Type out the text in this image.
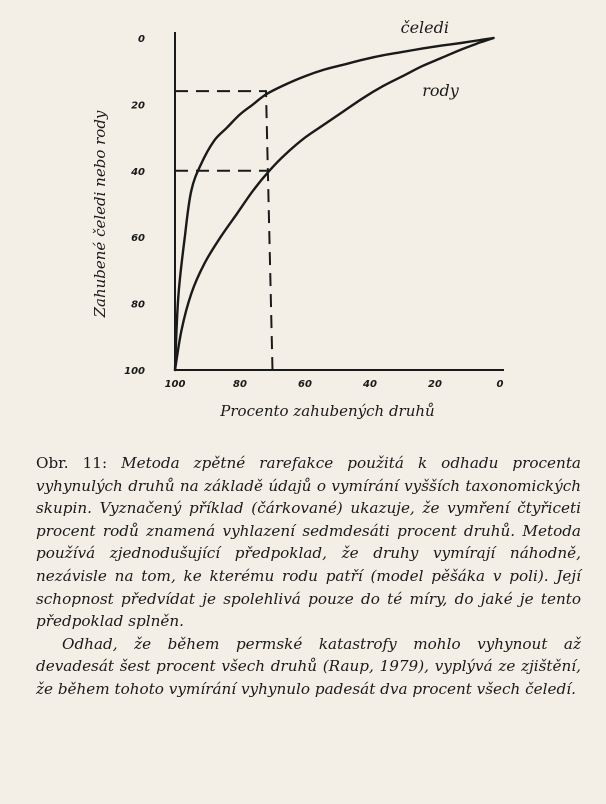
0
20
40
60
80
100
100	80	60	40	20	0
čeledi
rody
Procento zahubených druhů
Zahubené čeledi nebo rody

Obr. 11: Metoda zpětné rarefakce použitá k odhadu procenta vyhynulých druhů na základě údajů o vymírání vyšších taxonomických skupin. Vyznačený příklad (čárkované) ukazuje, že vymření čtyřiceti procent rodů znamená vyhlazení sedmdesáti procent druhů. Metoda používá zjednodušující předpoklad, že druhy vymírají náhodně, nezávisle na tom, ke kterému rodu patří (model pěšáka v poli). Její schopnost předvídat je spolehlivá pouze do té míry, do jaké je tento předpoklad splněn.

Odhad, že během permské katastrofy mohlo vyhynout až devadesát šest procent všech druhů (Raup, 1979), vyplývá ze zjištění, že během tohoto vymírání vyhynulo padesát dva procent všech čeledí.
